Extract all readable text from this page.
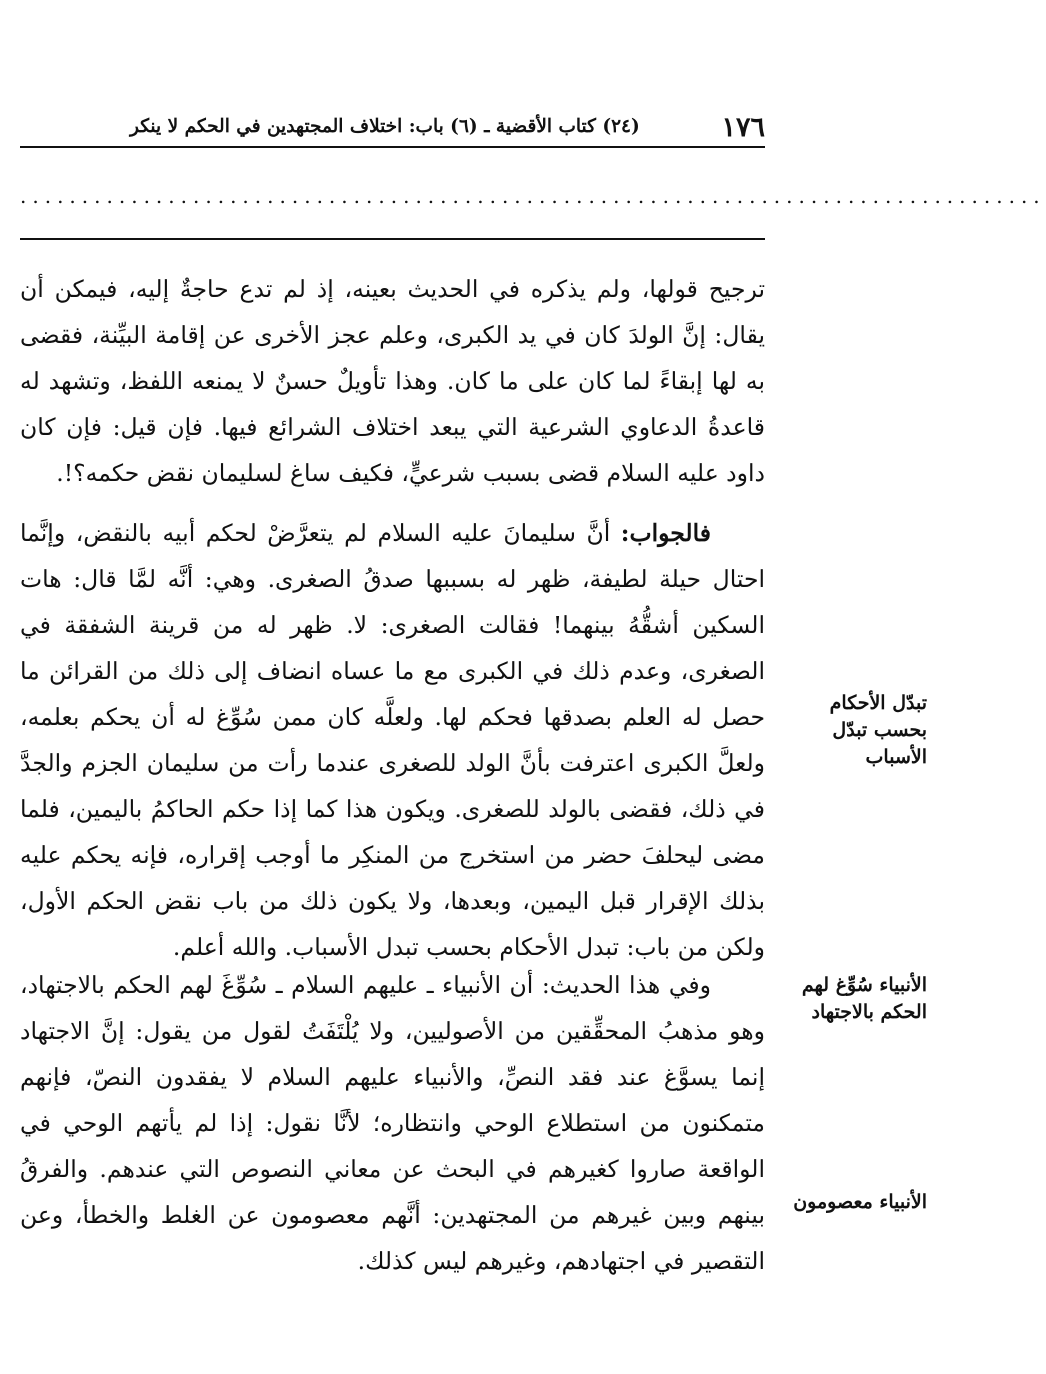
١٧٦
(٢٤) كتاب الأقضية ـ (٦) باب: اختلاف المجتهدين في الحكم لا ينكر
...................................................................................

ترجيح قولها، ولم يذكره في الحديث بعينه، إذ لم تدع حاجةٌ إليه، فيمكن أن يقال: إنَّ الولدَ كان في يد الكبرى، وعلم عجز الأخرى عن إقامة البيِّنة، فقضى به لها إبقاءً لما كان على ما كان. وهذا تأويلٌ حسنٌ لا يمنعه اللفظ، وتشهد له قاعدةُ الدعاوي الشرعية التي يبعد اختلاف الشرائع فيها. فإن قيل: فإن كان داود عليه السلام قضى بسبب شرعيٍّ، فكيف ساغ لسليمان نقض حكمه؟!.

فالجواب: أنَّ سليمانَ عليه السلام لم يتعرَّضْ لحكم أبيه بالنقض، وإنَّما احتال حيلة لطيفة، ظهر له بسببها صدقُ الصغرى. وهي: أنَّه لمَّا قال: هات السكين أشقُّهُ بينهما! فقالت الصغرى: لا. ظهر له من قرينة الشفقة في الصغرى، وعدم ذلك في الكبرى مع ما عساه انضاف إلى ذلك من القرائن ما حصل له العلم بصدقها فحكم لها. ولعلَّه كان ممن سُوِّغ له أن يحكم بعلمه، ولعلَّ الكبرى اعترفت بأنَّ الولد للصغرى عندما رأت من سليمان الجزم والجدَّ في ذلك، فقضى بالولد للصغرى. ويكون هذا كما إذا حكم الحاكمُ باليمين، فلما مضى ليحلفَ حضر من استخرج من المنكِر ما أوجب إقراره، فإنه يحكم عليه بذلك الإقرار قبل اليمين، وبعدها، ولا يكون ذلك من باب نقض الحكم الأول، ولكن من باب: تبدل الأحكام بحسب تبدل الأسباب. والله أعلم.

وفي هذا الحديث: أن الأنبياء ـ عليهم السلام ـ سُوِّغَ لهم الحكم بالاجتهاد، وهو مذهبُ المحقِّقين من الأصوليين، ولا يُلْتَفَتُ لقول من يقول: إنَّ الاجتهاد إنما يسوَّغ عند فقد النصِّ، والأنبياء عليهم السلام لا يفقدون النصّ، فإنهم متمكنون من استطلاع الوحي وانتظاره؛ لأنَّا نقول: إذا لم يأتهم الوحي في الواقعة صاروا كغيرهم في البحث عن معاني النصوص التي عندهم. والفرقُ بينهم وبين غيرهم من المجتهدين: أنَّهم معصومون عن الغلط والخطأ، وعن التقصير في اجتهادهم، وغيرهم ليس كذلك.

تبدّل الأحكام بحسب تبدّل الأسباب
الأنبياء سُوِّغ لهم الحكم بالاجتهاد
الأنبياء معصومون
